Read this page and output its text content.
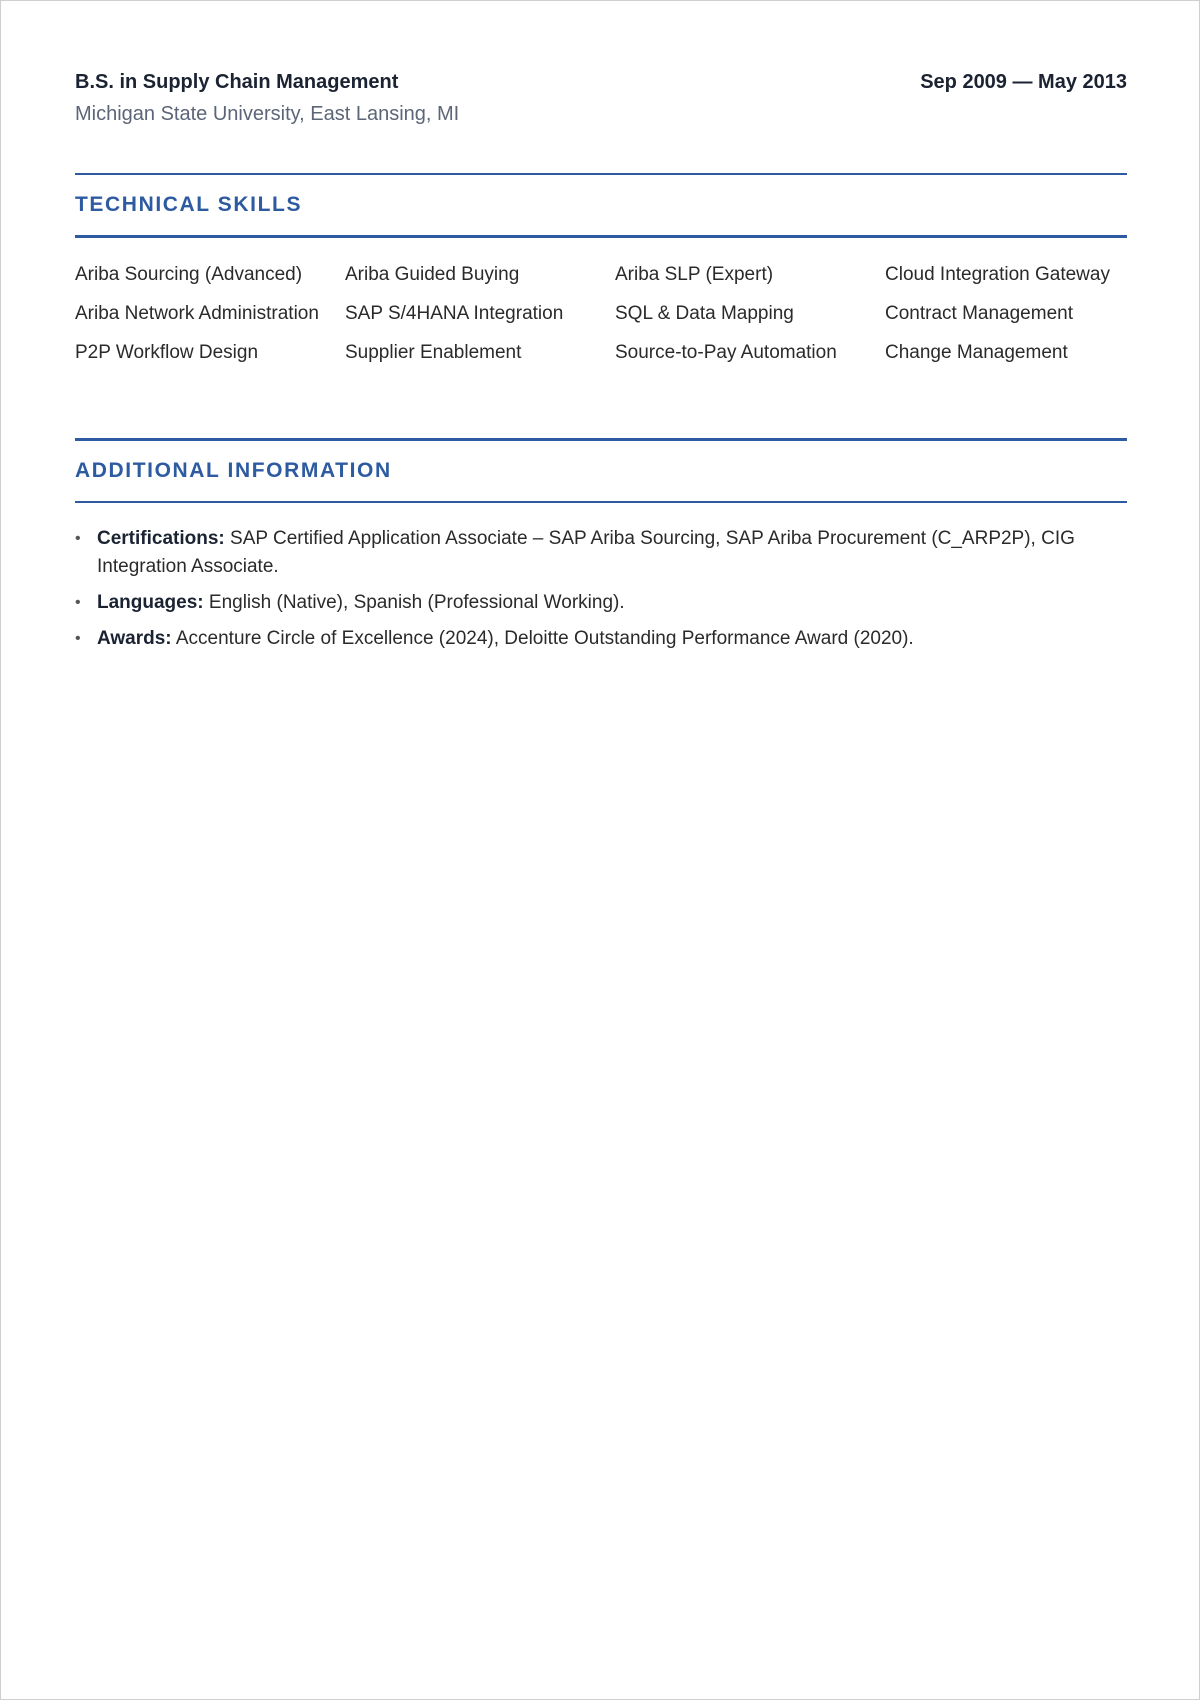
B.S. in Supply Chain Management	Sep 2009 — May 2013
Michigan State University, East Lansing, MI
TECHNICAL SKILLS
Ariba Sourcing (Advanced)	Ariba Guided Buying	Ariba SLP (Expert)	Cloud Integration Gateway
Ariba Network Administration	SAP S/4HANA Integration	SQL & Data Mapping	Contract Management
P2P Workflow Design	Supplier Enablement	Source-to-Pay Automation	Change Management
ADDITIONAL INFORMATION
• Certifications: SAP Certified Application Associate – SAP Ariba Sourcing, SAP Ariba Procurement (C_ARP2P), CIG Integration Associate.
• Languages: English (Native), Spanish (Professional Working).
• Awards: Accenture Circle of Excellence (2024), Deloitte Outstanding Performance Award (2020).
